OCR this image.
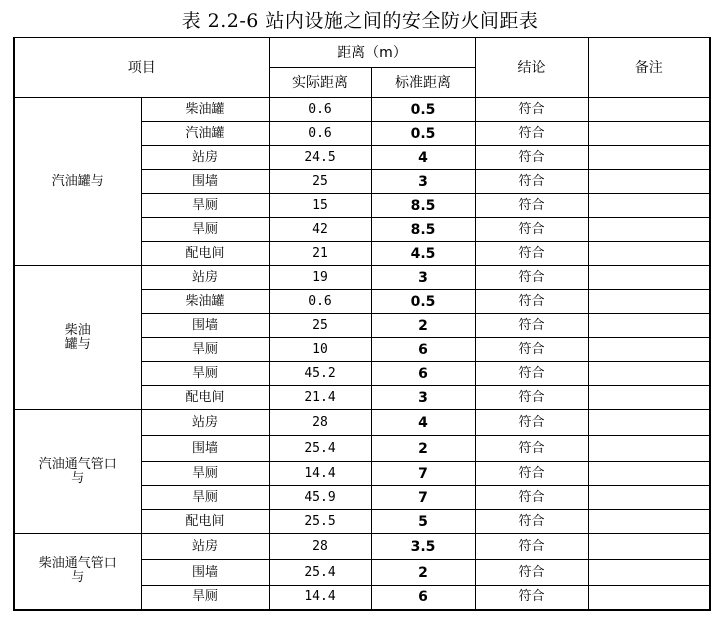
表 2.2-6 站内设施之间的安全防火间距表
项目		距离（m）		结论	备注
		实际距离	标准距离		
汽油罐与	柴油罐	0.6	0.5	符合	
	汽油罐	0.6	0.5	符合	
	站房	24.5	4	符合	
	围墙	25	3	符合	
	旱厕	15	8.5	符合	
	旱厕	42	8.5	符合	
	配电间	21	4.5	符合	
柴油
罐与	站房	19	3	符合	
	柴油罐	0.6	0.5	符合	
	围墙	25	2	符合	
	旱厕	10	6	符合	
	旱厕	45.2	6	符合	
	配电间	21.4	3	符合	
汽油通气管口
与	站房	28	4	符合	
	围墙	25.4	2	符合	
	旱厕	14.4	7	符合	
	旱厕	45.9	7	符合	
	配电间	25.5	5	符合	
柴油通气管口
与	站房	28	3.5	符合	
	围墙	25.4	2	符合	
	旱厕	14.4	6	符合	
